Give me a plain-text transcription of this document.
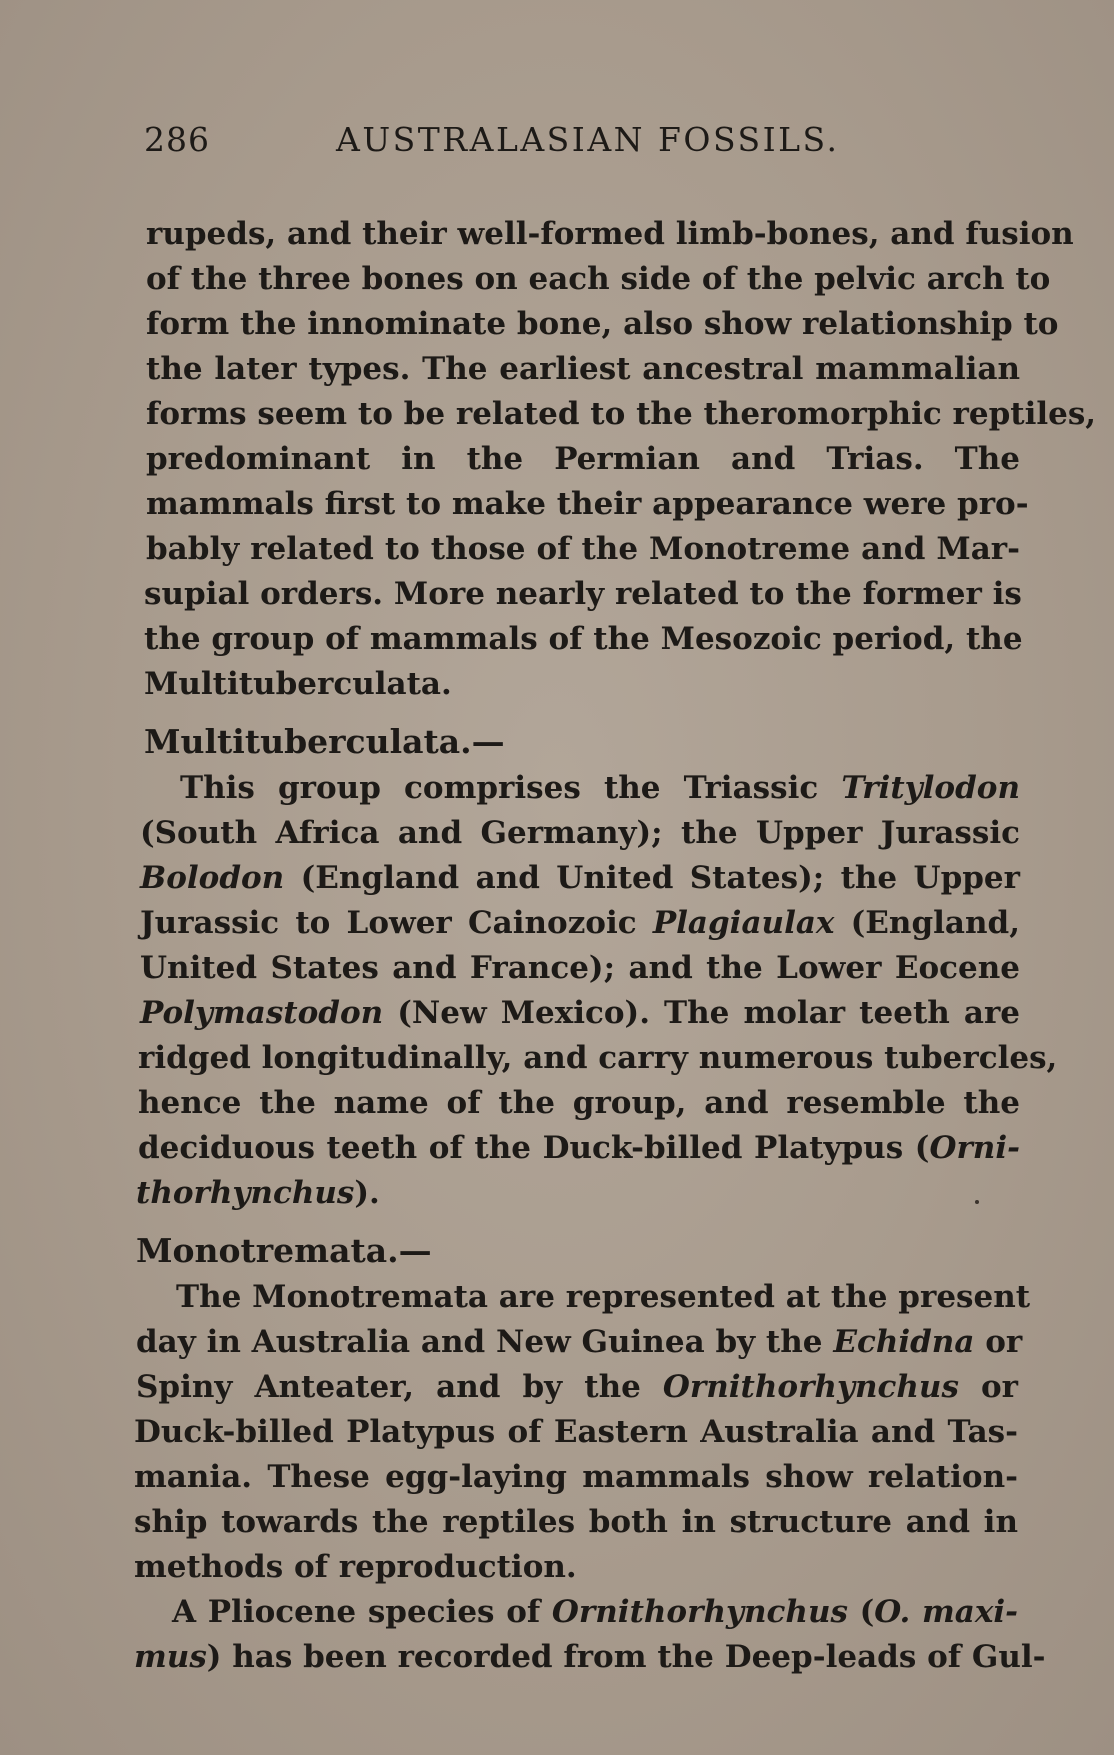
286	AUSTRALASIAN FOSSILS.
rupeds, and their well-formed limb-bones, and fusion
of the three bones on each side of the pelvic arch to
form the innominate bone, also show relationship to
the later types. The earliest ancestral mammalian
forms seem to be related to the theromorphic reptiles,
predominant in the Permian and Trias. The
mammals first to make their appearance were pro-
bably related to those of the Monotreme and Mar-
supial orders. More nearly related to the former is
the group of mammals of the Mesozoic period, the
Multituberculata.
Multituberculata.—
This group comprises the Triassic Tritylodon
(South Africa and Germany); the Upper Jurassic
Bolodon (England and United States); the Upper
Jurassic to Lower Cainozoic Plagiaulax (England,
United States and France); and the Lower Eocene
Polymastodon (New Mexico). The molar teeth are
ridged longitudinally, and carry numerous tubercles,
hence the name of the group, and resemble the
deciduous teeth of the Duck-billed Platypus (Orni-
thorhynchus).
Monotremata.—
The Monotremata are represented at the present
day in Australia and New Guinea by the Echidna or
Spiny Anteater, and by the Ornithorhynchus or
Duck-billed Platypus of Eastern Australia and Tas-
mania. These egg-laying mammals show relation-
ship towards the reptiles both in structure and in
methods of reproduction.
A Pliocene species of Ornithorhynchus (O. maxi-
mus) has been recorded from the Deep-leads of Gul-
